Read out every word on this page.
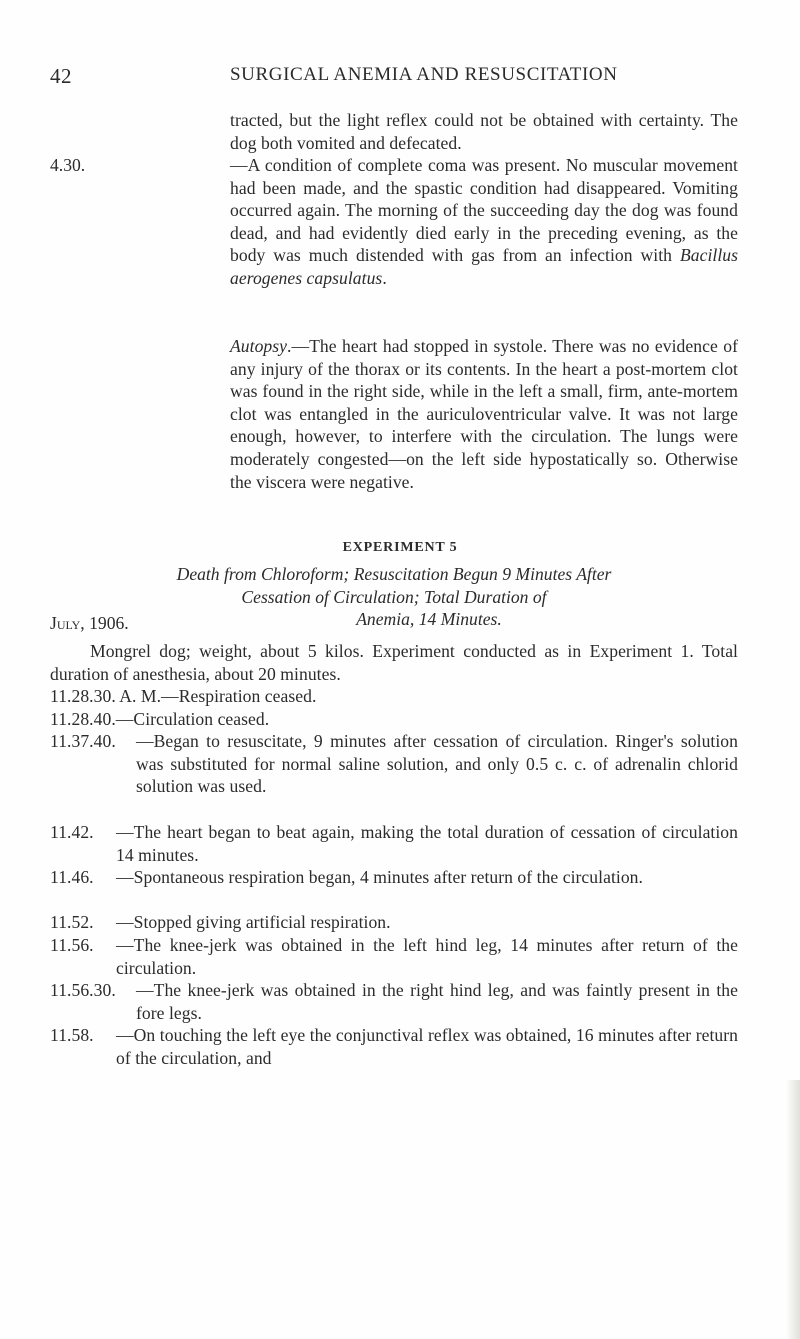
42	SURGICAL ANEMIA AND RESUSCITATION
tracted, but the light reflex could not be obtained with certainty. The dog both vomited and defecated.
4.30.	—A condition of complete coma was present. No muscular movement had been made, and the spastic condition had disappeared. Vomiting occurred again. The morning of the succeeding day the dog was found dead, and had evidently died early in the preceding evening, as the body was much distended with gas from an infection with Bacillus aerogenes capsulatus.

Autopsy.—The heart had stopped in systole. There was no evidence of any injury of the thorax or its contents. In the heart a post-mortem clot was found in the right side, while in the left a small, firm, ante-mortem clot was entangled in the auriculoventricular valve. It was not large enough, however, to interfere with the circulation. The lungs were moderately congested—on the left side hypostatically so. Otherwise the viscera were negative.

EXPERIMENT 5
Death from Chloroform; Resuscitation Begun 9 Minutes After
Cessation of Circulation; Total Duration of
Anemia, 14 Minutes.
July, 1906.
Mongrel dog; weight, about 5 kilos. Experiment conducted as in Experiment 1. Total duration of anesthesia, about 20 minutes.
11.28.30. A. M.—Respiration ceased.
11.28.40.—Circulation ceased.
11.37.40. —Began to resuscitate, 9 minutes after cessation of circulation. Ringer's solution was substituted for normal saline solution, and only 0.5 c. c. of adrenalin chlorid solution was used.
11.42. —The heart began to beat again, making the total duration of cessation of circulation 14 minutes.
11.46. —Spontaneous respiration began, 4 minutes after return of the circulation.
11.52. —Stopped giving artificial respiration.
11.56. —The knee-jerk was obtained in the left hind leg, 14 minutes after return of the circulation.
11.56.30. —The knee-jerk was obtained in the right hind leg, and was faintly present in the fore legs.
11.58. —On touching the left eye the conjunctival reflex was obtained, 16 minutes after return of the circulation, and
